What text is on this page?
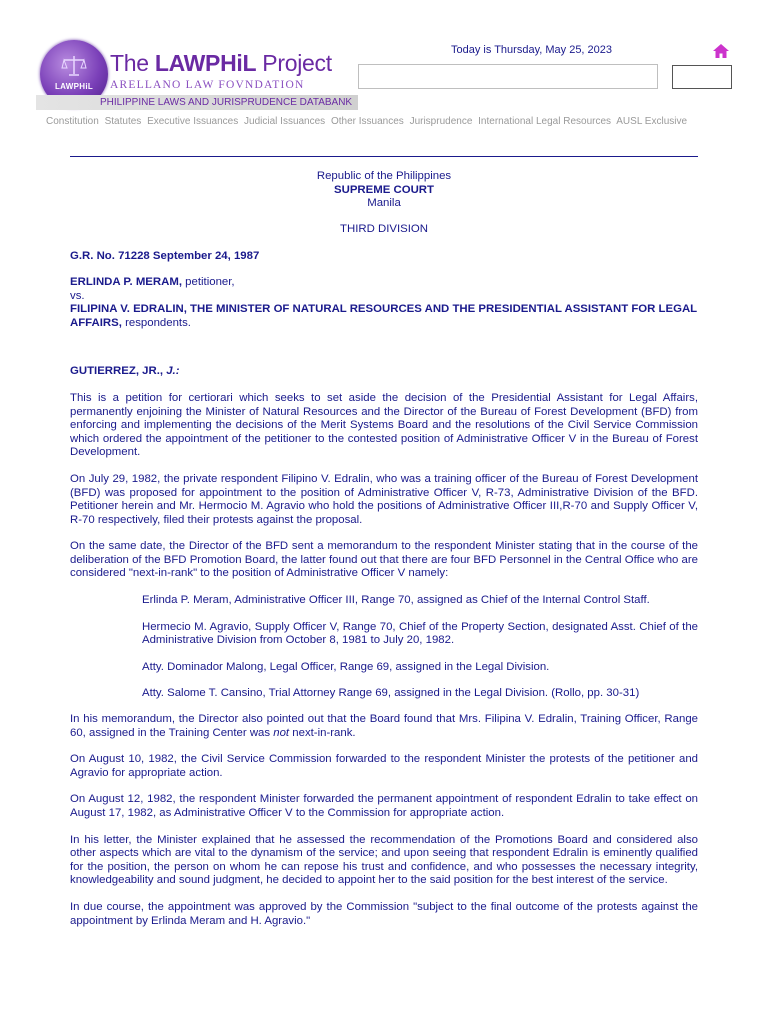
LAWPHiL
The LAWPHiL Project
ARELLANO LAW FOVNDATION
PHILIPPINE LAWS AND JURISPRUDENCE DATABANK
Today is Thursday, May 25, 2023
Constitution Statutes Executive Issuances Judicial Issuances Other Issuances Jurisprudence International Legal Resources AUSL Exclusive
Republic of the Philippines
SUPREME COURT
Manila
THIRD DIVISION
G.R. No. 71228 September 24, 1987
ERLINDA P. MERAM, petitioner,
vs.
FILIPINA V. EDRALIN, THE MINISTER OF NATURAL RESOURCES AND THE PRESIDENTIAL ASSISTANT FOR LEGAL AFFAIRS, respondents.
GUTIERREZ, JR., J.:

This is a petition for certiorari which seeks to set aside the decision of the Presidential Assistant for Legal Affairs, permanently enjoining the Minister of Natural Resources and the Director of the Bureau of Forest Development (BFD) from enforcing and implementing the decisions of the Merit Systems Board and the resolutions of the Civil Service Commission which ordered the appointment of the petitioner to the contested position of Administrative Officer V in the Bureau of Forest Development.

On July 29, 1982, the private respondent Filipino V. Edralin, who was a training officer of the Bureau of Forest Development (BFD) was proposed for appointment to the position of Administrative Officer V, R-73, Administrative Division of the BFD. Petitioner herein and Mr. Hermocio M. Agravio who hold the positions of Administrative Officer III,R-70 and Supply Officer V, R-70 respectively, filed their protests against the proposal.

On the same date, the Director of the BFD sent a memorandum to the respondent Minister stating that in the course of the deliberation of the BFD Promotion Board, the latter found out that there are four BFD Personnel in the Central Office who are considered "next-in-rank" to the position of Administrative Officer V namely:

Erlinda P. Meram, Administrative Officer III, Range 70, assigned as Chief of the Internal Control Staff.

Hermecio M. Agravio, Supply Officer V, Range 70, Chief of the Property Section, designated Asst. Chief of the Administrative Division from October 8, 1981 to July 20, 1982.

Atty. Dominador Malong, Legal Officer, Range 69, assigned in the Legal Division.

Atty. Salome T. Cansino, Trial Attorney Range 69, assigned in the Legal Division. (Rollo, pp. 30-31)

In his memorandum, the Director also pointed out that the Board found that Mrs. Filipina V. Edralin, Training Officer, Range 60, assigned in the Training Center was not next-in-rank.

On August 10, 1982, the Civil Service Commission forwarded to the respondent Minister the protests of the petitioner and Agravio for appropriate action.

On August 12, 1982, the respondent Minister forwarded the permanent appointment of respondent Edralin to take effect on August 17, 1982, as Administrative Officer V to the Commission for appropriate action.

In his letter, the Minister explained that he assessed the recommendation of the Promotions Board and considered also other aspects which are vital to the dynamism of the service; and upon seeing that respondent Edralin is eminently qualified for the position, the person on whom he can repose his trust and confidence, and who possesses the necessary integrity, knowledgeability and sound judgment, he decided to appoint her to the said position for the best interest of the service.

In due course, the appointment was approved by the Commission "subject to the final outcome of the protests against the appointment by Erlinda Meram and H. Agravio."
